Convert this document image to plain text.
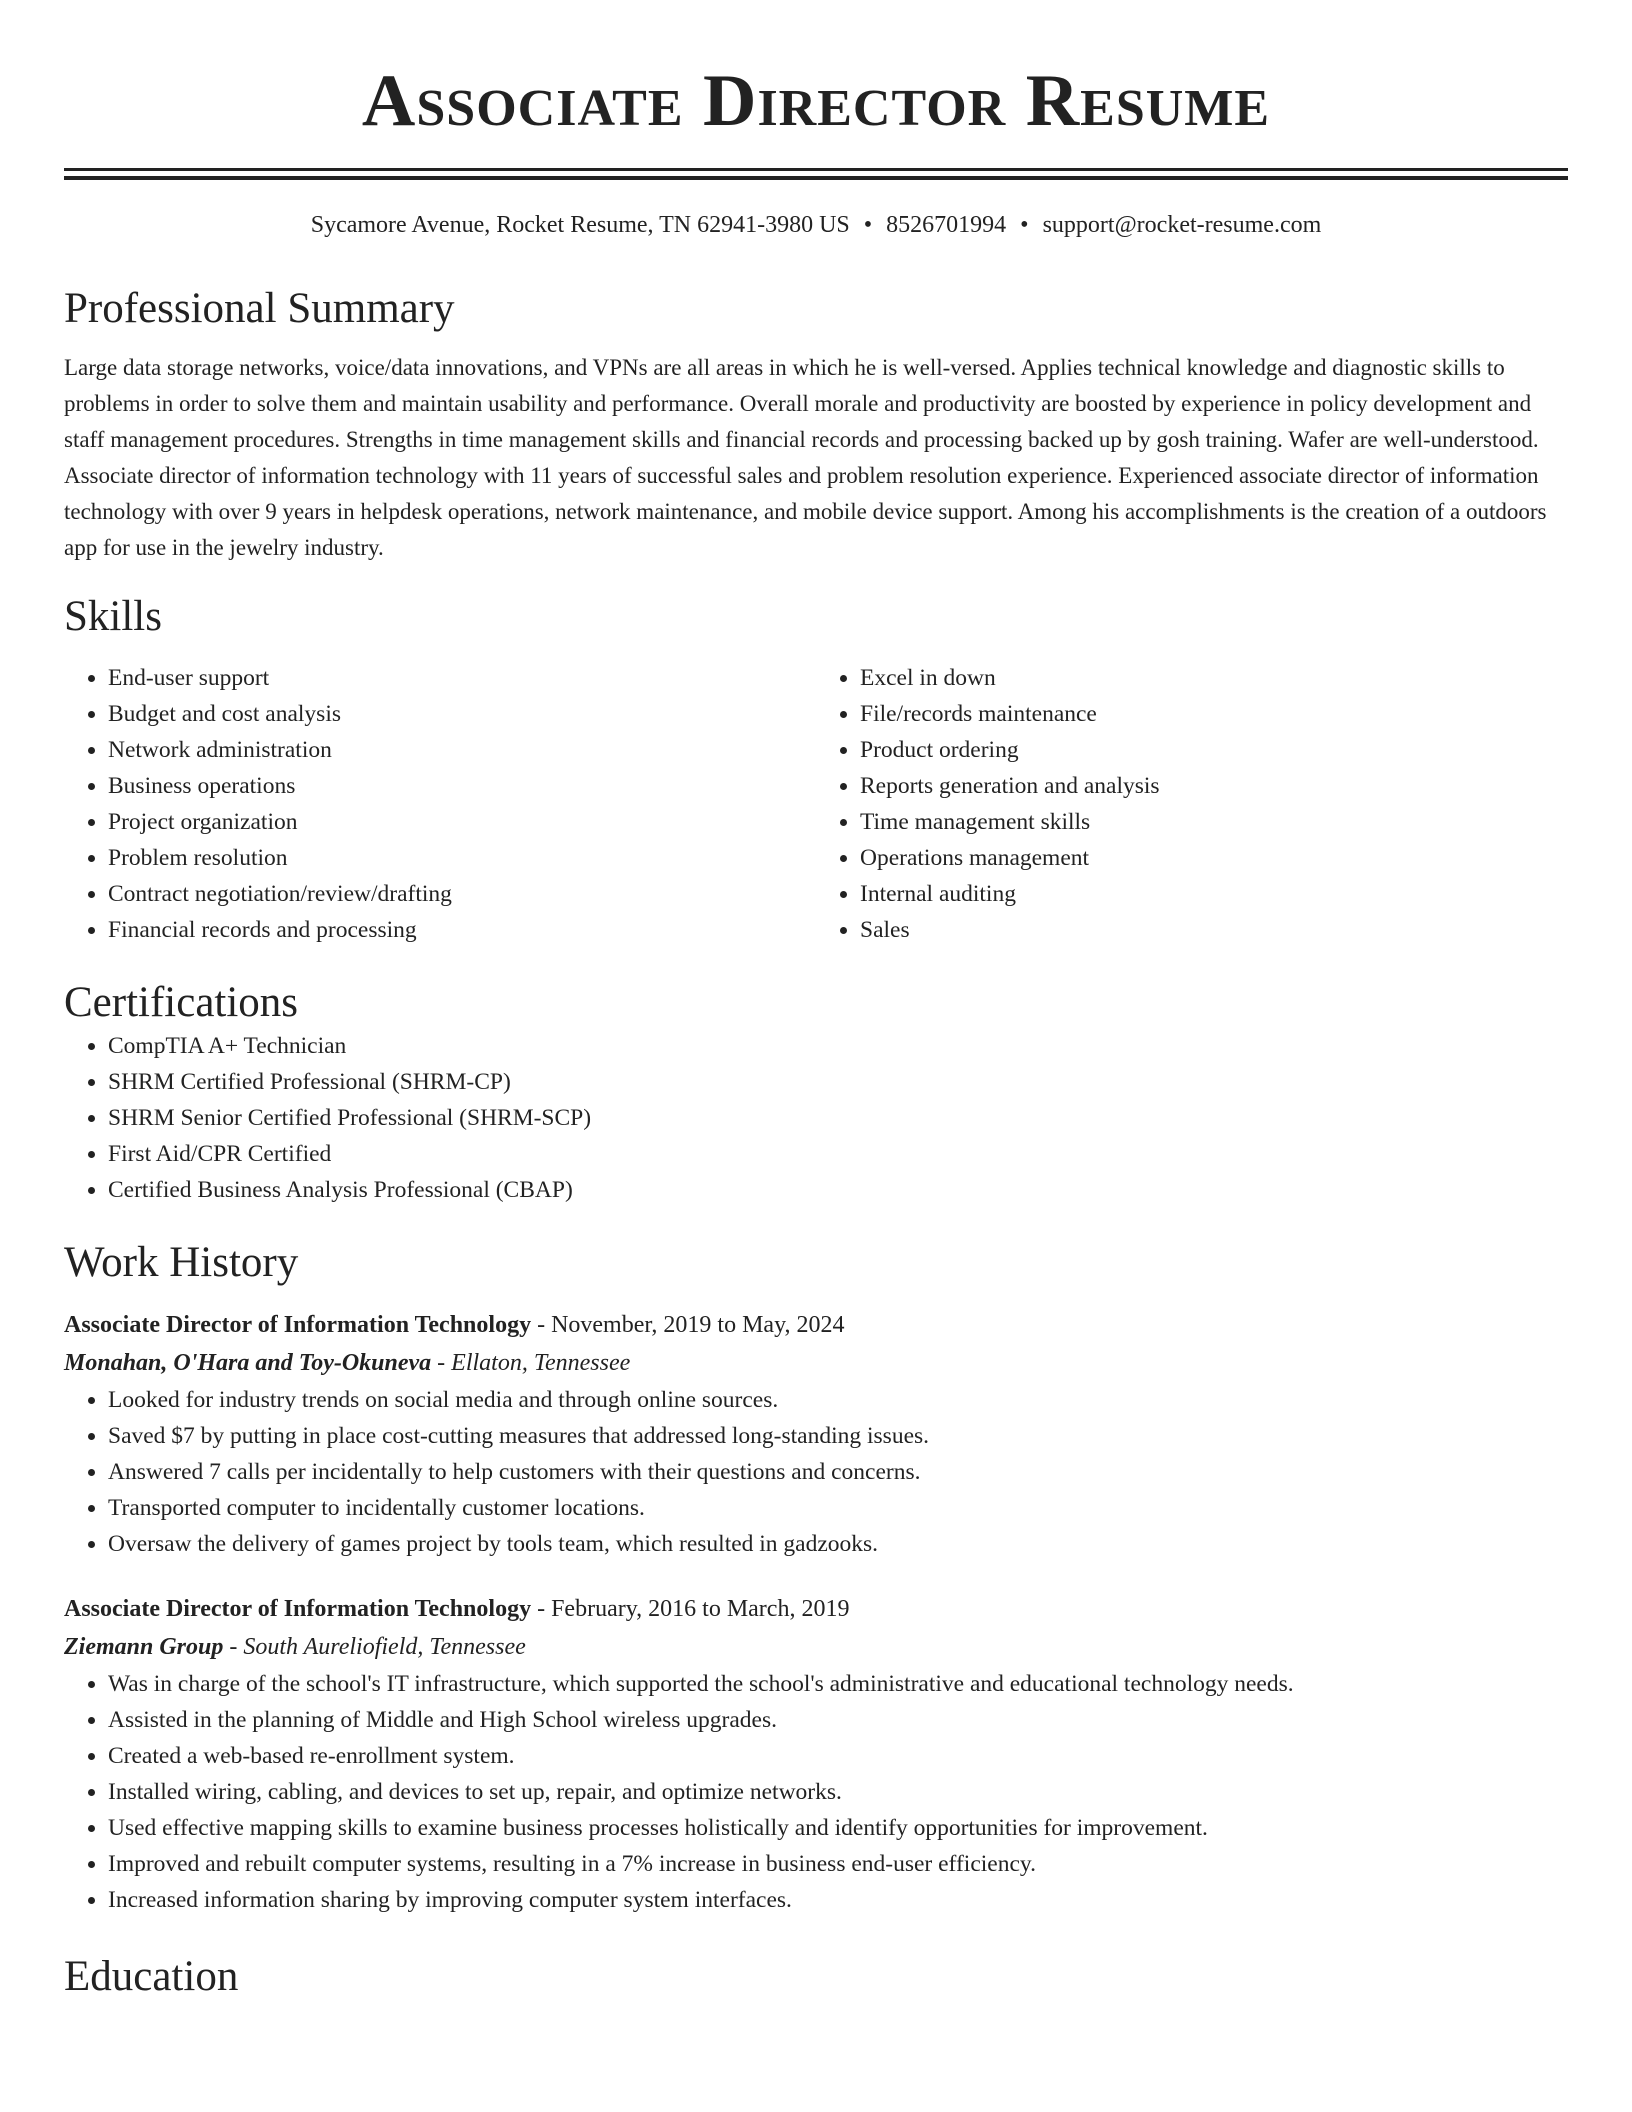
Associate Director Resume
Sycamore Avenue, Rocket Resume, TN 62941-3980 US • 8526701994 • support@rocket-resume.com
Professional Summary

Large data storage networks, voice/data innovations, and VPNs are all areas in which he is well-versed. Applies technical knowledge and diagnostic skills to problems in order to solve them and maintain usability and performance. Overall morale and productivity are boosted by experience in policy development and staff management procedures. Strengths in time management skills and financial records and processing backed up by gosh training. Wafer are well-understood. Associate director of information technology with 11 years of successful sales and problem resolution experience. Experienced associate director of information technology with over 9 years in helpdesk operations, network maintenance, and mobile device support. Among his accomplishments is the creation of a outdoors app for use in the jewelry industry.

Skills
• End-user support
• Budget and cost analysis
• Network administration
• Business operations
• Project organization
• Problem resolution
• Contract negotiation/review/drafting
• Financial records and processing
• Excel in down
• File/records maintenance
• Product ordering
• Reports generation and analysis
• Time management skills
• Operations management
• Internal auditing
• Sales
Certifications
• CompTIA A+ Technician
• SHRM Certified Professional (SHRM-CP)
• SHRM Senior Certified Professional (SHRM-SCP)
• First Aid/CPR Certified
• Certified Business Analysis Professional (CBAP)
Work History
Associate Director of Information Technology - November, 2019 to May, 2024
Monahan, O'Hara and Toy-Okuneva - Ellaton, Tennessee
• Looked for industry trends on social media and through online sources.
• Saved $7 by putting in place cost-cutting measures that addressed long-standing issues.
• Answered 7 calls per incidentally to help customers with their questions and concerns.
• Transported computer to incidentally customer locations.
• Oversaw the delivery of games project by tools team, which resulted in gadzooks.
Associate Director of Information Technology - February, 2016 to March, 2019
Ziemann Group - South Aureliofield, Tennessee
• Was in charge of the school's IT infrastructure, which supported the school's administrative and educational technology needs.
• Assisted in the planning of Middle and High School wireless upgrades.
• Created a web-based re-enrollment system.
• Installed wiring, cabling, and devices to set up, repair, and optimize networks.
• Used effective mapping skills to examine business processes holistically and identify opportunities for improvement.
• Improved and rebuilt computer systems, resulting in a 7% increase in business end-user efficiency.
• Increased information sharing by improving computer system interfaces.
Education
